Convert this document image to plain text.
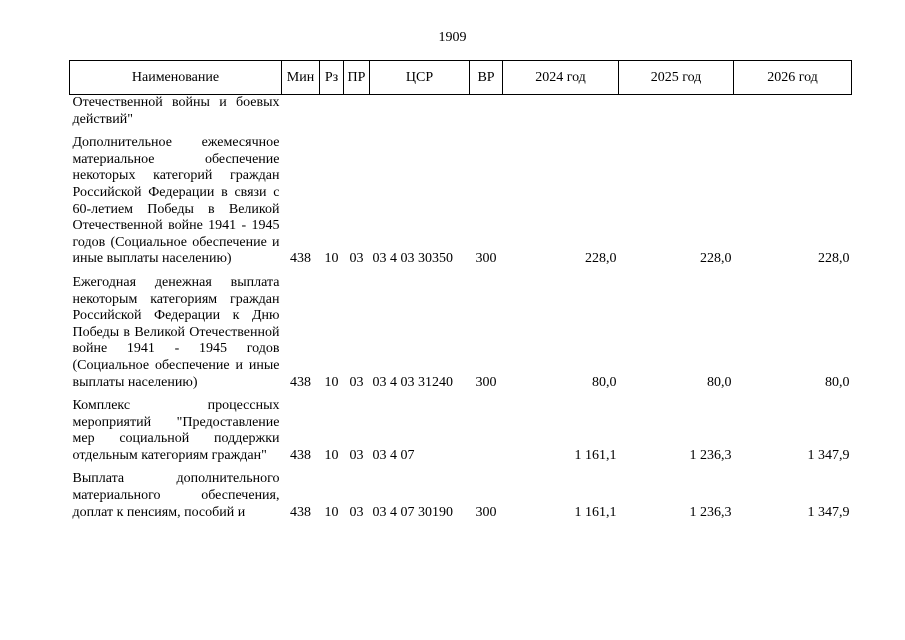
1909
Наименование	Мин	Рз	ПР	ЦСР	ВР	2024 год	2025 год	2026 год

Отечественной войны и боевых действий"								

Дополнительное ежемесячное материальное обеспечение некоторых категорий граждан Российской Федерации в связи с 60-летием Победы в Великой Отечественной войне 1941 - 1945 годов (Социальное обеспечение и иные выплаты населению)	438	10	03	03 4 03 30350	300	228,0	228,0	228,0

Ежегодная денежная выплата некоторым категориям граждан Российской Федерации к Дню Победы в Великой Отечественной войне 1941 - 1945 годов (Социальное обеспечение и иные выплаты населению)	438	10	03	03 4 03 31240	300	80,0	80,0	80,0

Комплекс процессных мероприятий "Предоставление мер социальной поддержки отдельным категориям граждан"	438	10	03	03 4 07		1 161,1	1 236,3	1 347,9

Выплата дополнительного материального обеспечения, доплат к пенсиям, пособий и	438	10	03	03 4 07 30190	300	1 161,1	1 236,3	1 347,9
